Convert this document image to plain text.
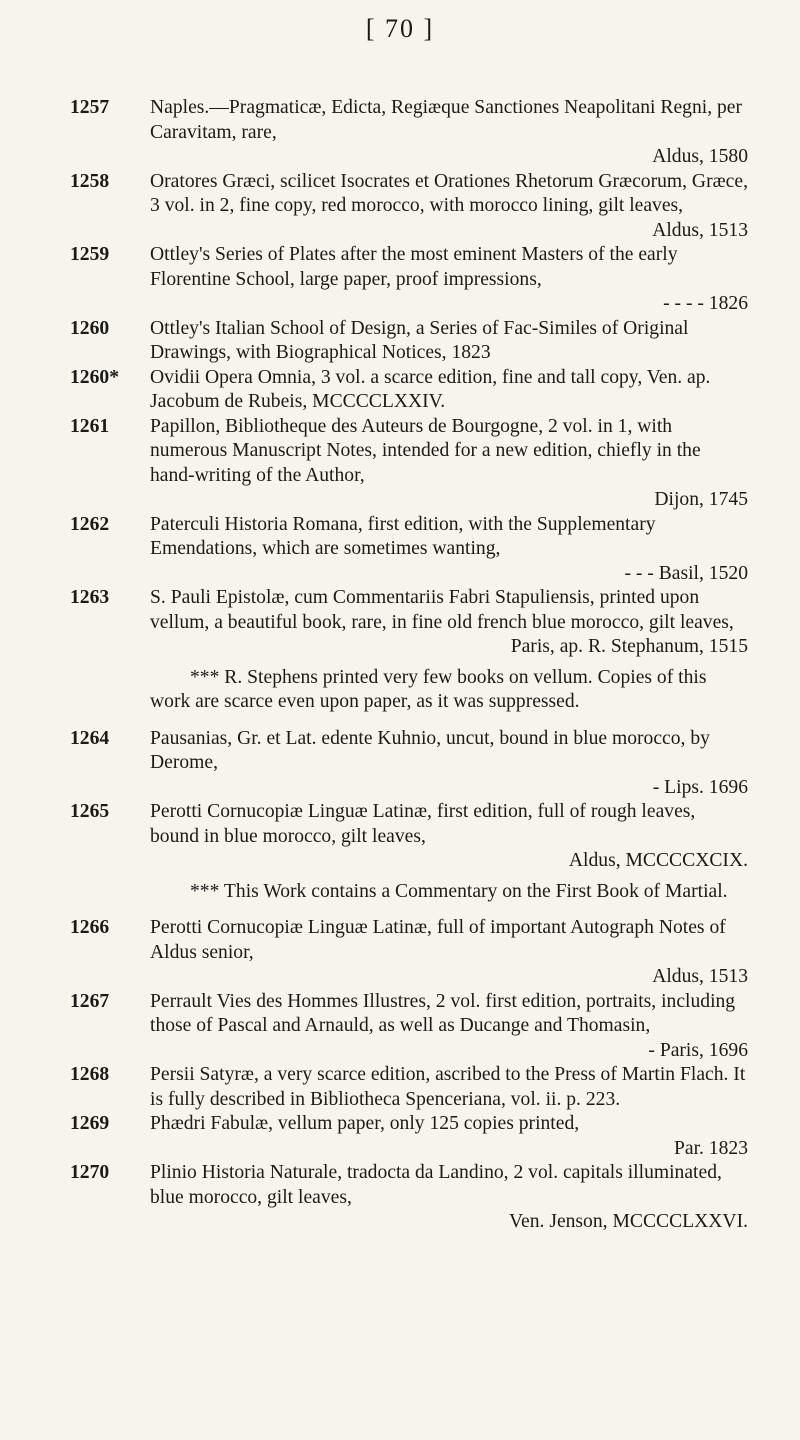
[ 70 ]
1257	Naples.—Pragmaticæ, Edicta, Regiæque Sanctiones Neapolitani Regni, per Caravitam, rare,
Aldus, 1580
1258	Oratores Græci, scilicet Isocrates et Orationes Rhetorum Græcorum, Græce, 3 vol. in 2, fine copy, red morocco, with morocco lining, gilt leaves,
Aldus, 1513
1259	Ottley's Series of Plates after the most eminent Masters of the early Florentine School, large paper, proof impressions,
- - - - 1826
1260	Ottley's Italian School of Design, a Series of Fac-Similes of Original Drawings, with Biographical Notices, 1823
1260*	Ovidii Opera Omnia, 3 vol. a scarce edition, fine and tall copy, Ven. ap. Jacobum de Rubeis, MCCCCLXXIV.
1261	Papillon, Bibliotheque des Auteurs de Bourgogne, 2 vol. in 1, with numerous Manuscript Notes, intended for a new edition, chiefly in the hand-writing of the Author,
Dijon, 1745
1262	Paterculi Historia Romana, first edition, with the Supplementary Emendations, which are sometimes wanting,
- - - Basil, 1520
1263	S. Pauli Epistolæ, cum Commentariis Fabri Stapuliensis, printed upon vellum, a beautiful book, rare, in fine old french blue morocco, gilt leaves,
Paris, ap. R. Stephanum, 1515
*** R. Stephens printed very few books on vellum. Copies of this work are scarce even upon paper, as it was suppressed.
1264	Pausanias, Gr. et Lat. edente Kuhnio, uncut, bound in blue morocco, by Derome,
- Lips. 1696
1265	Perotti Cornucopiæ Linguæ Latinæ, first edition, full of rough leaves, bound in blue morocco, gilt leaves,
Aldus, MCCCCXCIX.
*** This Work contains a Commentary on the First Book of Martial.
1266	Perotti Cornucopiæ Linguæ Latinæ, full of important Autograph Notes of Aldus senior,
Aldus, 1513
1267	Perrault Vies des Hommes Illustres, 2 vol. first edition, portraits, including those of Pascal and Arnauld, as well as Ducange and Thomasin,
- Paris, 1696
1268	Persii Satyræ, a very scarce edition, ascribed to the Press of Martin Flach. It is fully described in Bibliotheca Spenceriana, vol. ii. p. 223.
1269	Phædri Fabulæ, vellum paper, only 125 copies printed,
Par. 1823
1270	Plinio Historia Naturale, tradocta da Landino, 2 vol. capitals illuminated, blue morocco, gilt leaves,
Ven. Jenson, MCCCCLXXVI.
